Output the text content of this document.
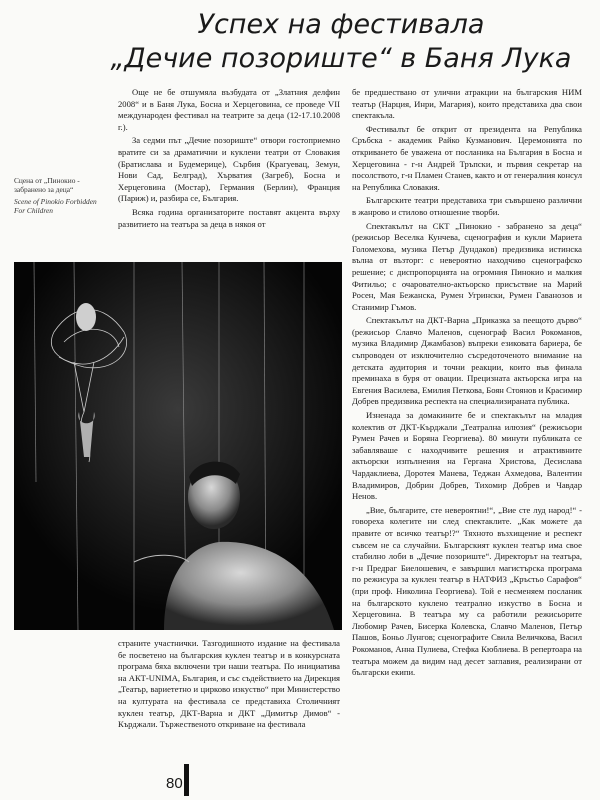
Успех на фестивала
„Дечие позориште“ в Баня Лука
Сцена от „Пинокио - забранено за деца“
Scene of Pinokio Forbidden For Children

Още не бе отшумяла възбудата от „Златния делфин 2008“ и в Баня Лука, Босна и Херцеговина, се проведе VII международен фестивал на театрите за деца (12-17.10.2008 г.).

За седми път „Дечие позориште“ отвори гостоприемно вратите си за драматични и куклени театри от Словакия (Братислава и Будемерице), Сърбия (Крагуевац, Земун, Нови Сад, Белград), Хърватия (Загреб), Босна и Херцеговина (Мостар), Германия (Берлин), Франция (Париж) и, разбира се, България.

Всяка година организаторите поставят акцента върху развитието на театъра за деца в някоя от

страните участнички. Тазгодишното издание на фестивала бе посветено на българския куклен театър и в конкурсната програма бяха включени три наши театъра. По инициатива на АКТ-UNIMA, България, и със съдействието на Дирекция „Театър, вариететно и цирково изкуство“ при Министерство на културата на фестивала се представиха Столичният куклен театър, ДКТ-Варна и ДКТ „Димитър Димов“ - Кърджали. Тържественото откриване на фестивала

бе предшествано от улични атракции на българския НИМ театър (Нарция, Инри, Магария), които представиха два свои спектакъла.

Фестивалът бе открит от президента на Република Сръбска - академик Райко Кузманович. Церемонията по откриването бе уважена от посланика на България в Босна и Херцеговина - г-н Андрей Тръпски, и първия секретар на посолството, г-н Пламен Станев, както и от генералния консул на Република Словакия.

Българските театри представиха три съвършено различни в жанрово и стилово отношение творби.

Спектакълът на СКТ „Пинокио - забранено за деца“ (режисьор Веселка Кунчева, сценография и кукли Мариета Голомехова, музика Петър Дундаков) предизвика истинска вълна от възторг: с невероятно находчиво сценографско решение; с диспропорцията на огромния Пинокио и малкия Фитильо; с очарователно-актьорско присъствие на Марий Росен, Мая Бежанска, Румен Угрински, Румен Гаванозов и Станимир Гъмов.

Спектакълът на ДКТ-Варна „Приказка за пеещото дърво“ (режисьор Славчо Маленов, сценограф Васил Рокоманов, музика Владимир Джамбазов) въпреки езиковата бариера, бе съпроводен от изключително съсредоточеното внимание на детската аудитория и точни реакции, които във финала преминаха в буря от овации. Прецизната актьорска игра на Евгения Василева, Емилия Петкова, Боян Стоянов и Красимир Добрев предизвика респекта на специализираната публика.

Изненада за домакините бе и спектакълът на младия колектив от ДКТ-Кърджали „Театрална илюзия“ (режисьори Румен Рачев и Боряна Георгиева). 80 минути публиката се забавляваше с находчивите решения и атрактивните актьорски изпълнения на Гергана Христова, Десислава Чардаклиева, Доротея Манева, Теджан Ахмедова, Валентин Владимиров, Добрин Добрев, Тихомир Добрев и Чавдар Ненов.

„Вие, българите, сте невероятни!“, „Вие сте луд народ!“ - говореха колегите ни след спектаклите. „Как можете да правите от всичко театър!?“ Тяхното възхищение и респект съвсем не са случайни. Българският куклен театър има свое стабилно лоби в „Дечие позориште“. Директорът на театъра, г-н Предраг Биелошевич, е завършил магистърска програма по режисура за куклен театър в НАТФИЗ „Кръстьо Сарафов“ (при проф. Николина Георгиева). Той е несменяем посланик на българското куклено театрално изкуство в Босна и Херцеговина. В театъра му са работили режисьорите Любомир Рачев, Бисерка Колевска, Славчо Маленов, Петър Пашов, Боньо Лунгов; сценографите Свила Величкова, Васил Рокоманов, Анна Пулиева, Стефка Кюблиева. В репертоара на театъра можем да видим над десет заглавия, реализирани от български екипи.

80
